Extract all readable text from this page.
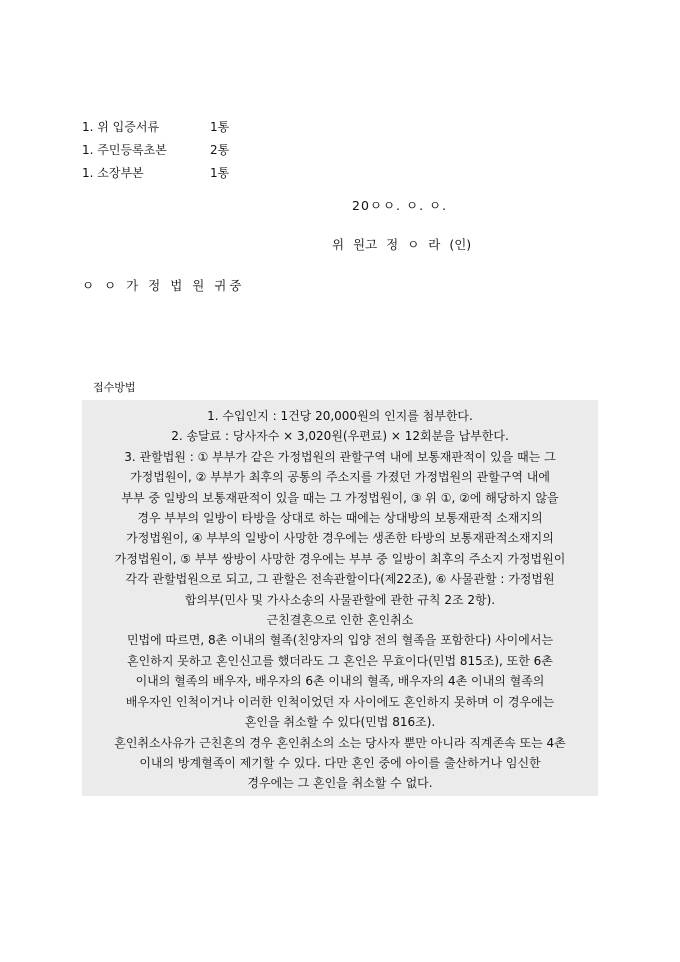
1. 위 입증서류	1통
1. 주민등록초본	2통
1. 소장부본	1통
20ㅇㅇ. ㅇ. ㅇ.
위 원고 정 ㅇ 라 (인)
ㅇ ㅇ 가 정 법 원 귀중
접수방법
1. 수입인지 : 1건당 20,000원의 인지를 첨부한다.
2. 송달료 : 당사자수 × 3,020원(우편료) × 12회분을 납부한다.
3. 관할법원 : ① 부부가 같은 가정법원의 관할구역 내에 보통재판적이 있을 때는 그
가정법원이, ② 부부가 최후의 공통의 주소지를 가졌던 가정법원의 관할구역 내에
부부 중 일방의 보통재판적이 있을 때는 그 가정법원이, ③ 위 ①, ②에 해당하지 않을
경우 부부의 일방이 타방을 상대로 하는 때에는 상대방의 보통재판적 소재지의
가정법원이, ④ 부부의 일방이 사망한 경우에는 생존한 타방의 보통재판적소재지의
가정법원이, ⑤ 부부 쌍방이 사망한 경우에는 부부 중 일방이 최후의 주소지 가정법원이
각각 관할법원으로 되고, 그 관할은 전속관할이다(제22조), ⑥ 사물관할 : 가정법원
합의부(민사 및 가사소송의 사물관할에 관한 규칙 2조 2항).
근친결혼으로 인한 혼인취소
민법에 따르면, 8촌 이내의 혈족(친양자의 입양 전의 혈족을 포함한다) 사이에서는
혼인하지 못하고 혼인신고를 했더라도 그 혼인은 무효이다(민법 815조), 또한 6촌
이내의 혈족의 배우자, 배우자의 6촌 이내의 혈족, 배우자의 4촌 이내의 혈족의
배우자인 인척이거나 이러한 인척이었던 자 사이에도 혼인하지 못하며 이 경우에는
혼인을 취소할 수 있다(민법 816조).
혼인취소사유가 근친혼의 경우 혼인취소의 소는 당사자 뿐만 아니라 직계존속 또는 4촌
이내의 방계혈족이 제기할 수 있다. 다만 혼인 중에 아이를 출산하거나 임신한
경우에는 그 혼인을 취소할 수 없다.
